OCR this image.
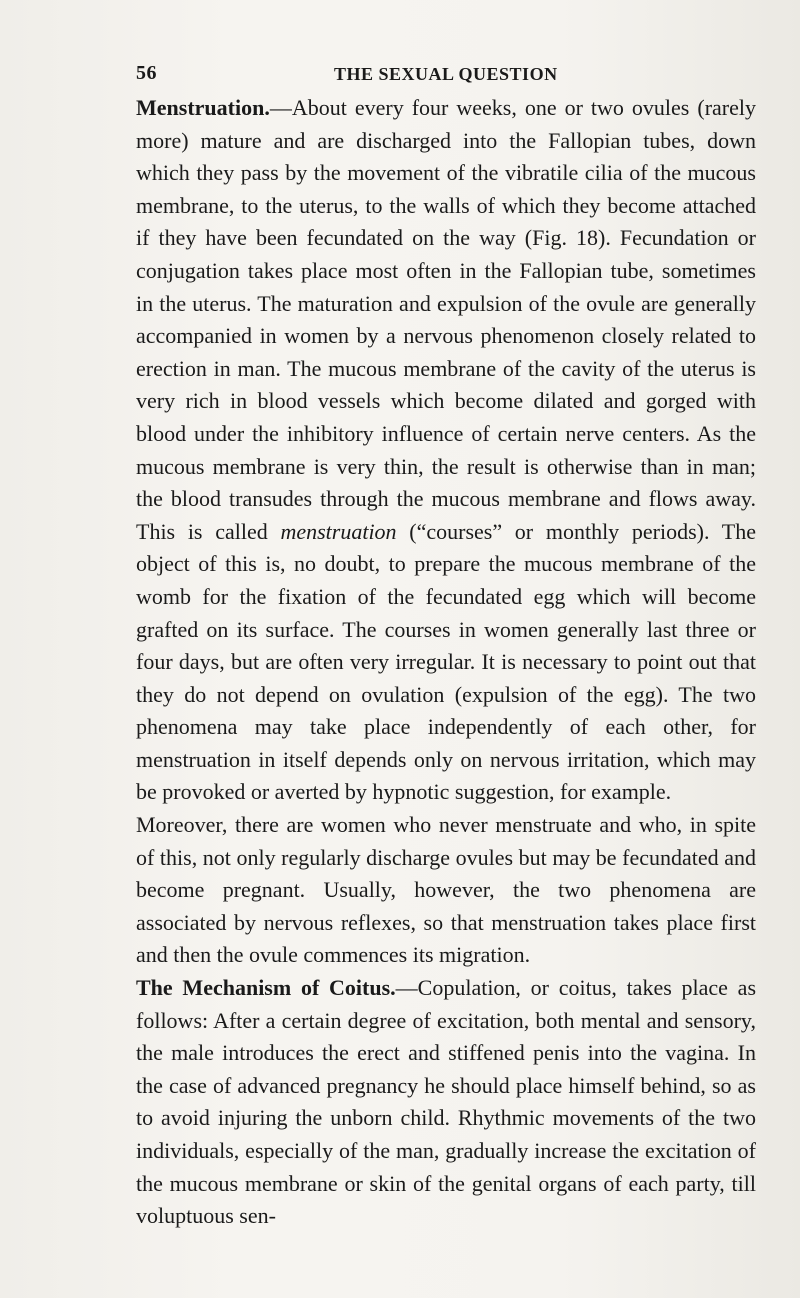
56	THE SEXUAL QUESTION

Menstruation.—About every four weeks, one or two ovules (rarely more) mature and are discharged into the Fallopian tubes, down which they pass by the movement of the vibratile cilia of the mucous membrane, to the uterus, to the walls of which they become attached if they have been fecundated on the way (Fig. 18). Fecundation or conjugation takes place most often in the Fallopian tube, sometimes in the uterus. The maturation and expulsion of the ovule are generally accompanied in women by a nervous phenomenon closely related to erection in man. The mucous membrane of the cavity of the uterus is very rich in blood vessels which become dilated and gorged with blood under the inhibitory influence of certain nerve centers. As the mucous membrane is very thin, the result is otherwise than in man; the blood transudes through the mucous membrane and flows away. This is called menstruation (“courses” or monthly periods). The object of this is, no doubt, to prepare the mucous membrane of the womb for the fixation of the fecundated egg which will become grafted on its surface. The courses in women generally last three or four days, but are often very irregular. It is necessary to point out that they do not depend on ovulation (expulsion of the egg). The two phenomena may take place independently of each other, for menstruation in itself depends only on nervous irritation, which may be provoked or averted by hypnotic suggestion, for example.

Moreover, there are women who never menstruate and who, in spite of this, not only regularly discharge ovules but may be fecundated and become pregnant. Usually, however, the two phenomena are associated by nervous reflexes, so that menstruation takes place first and then the ovule commences its migration.

The Mechanism of Coitus.—Copulation, or coitus, takes place as follows: After a certain degree of excitation, both mental and sensory, the male introduces the erect and stiffened penis into the vagina. In the case of advanced pregnancy he should place himself behind, so as to avoid injuring the unborn child. Rhythmic movements of the two individuals, especially of the man, gradually increase the excitation of the mucous membrane or skin of the genital organs of each party, till voluptuous sen-
